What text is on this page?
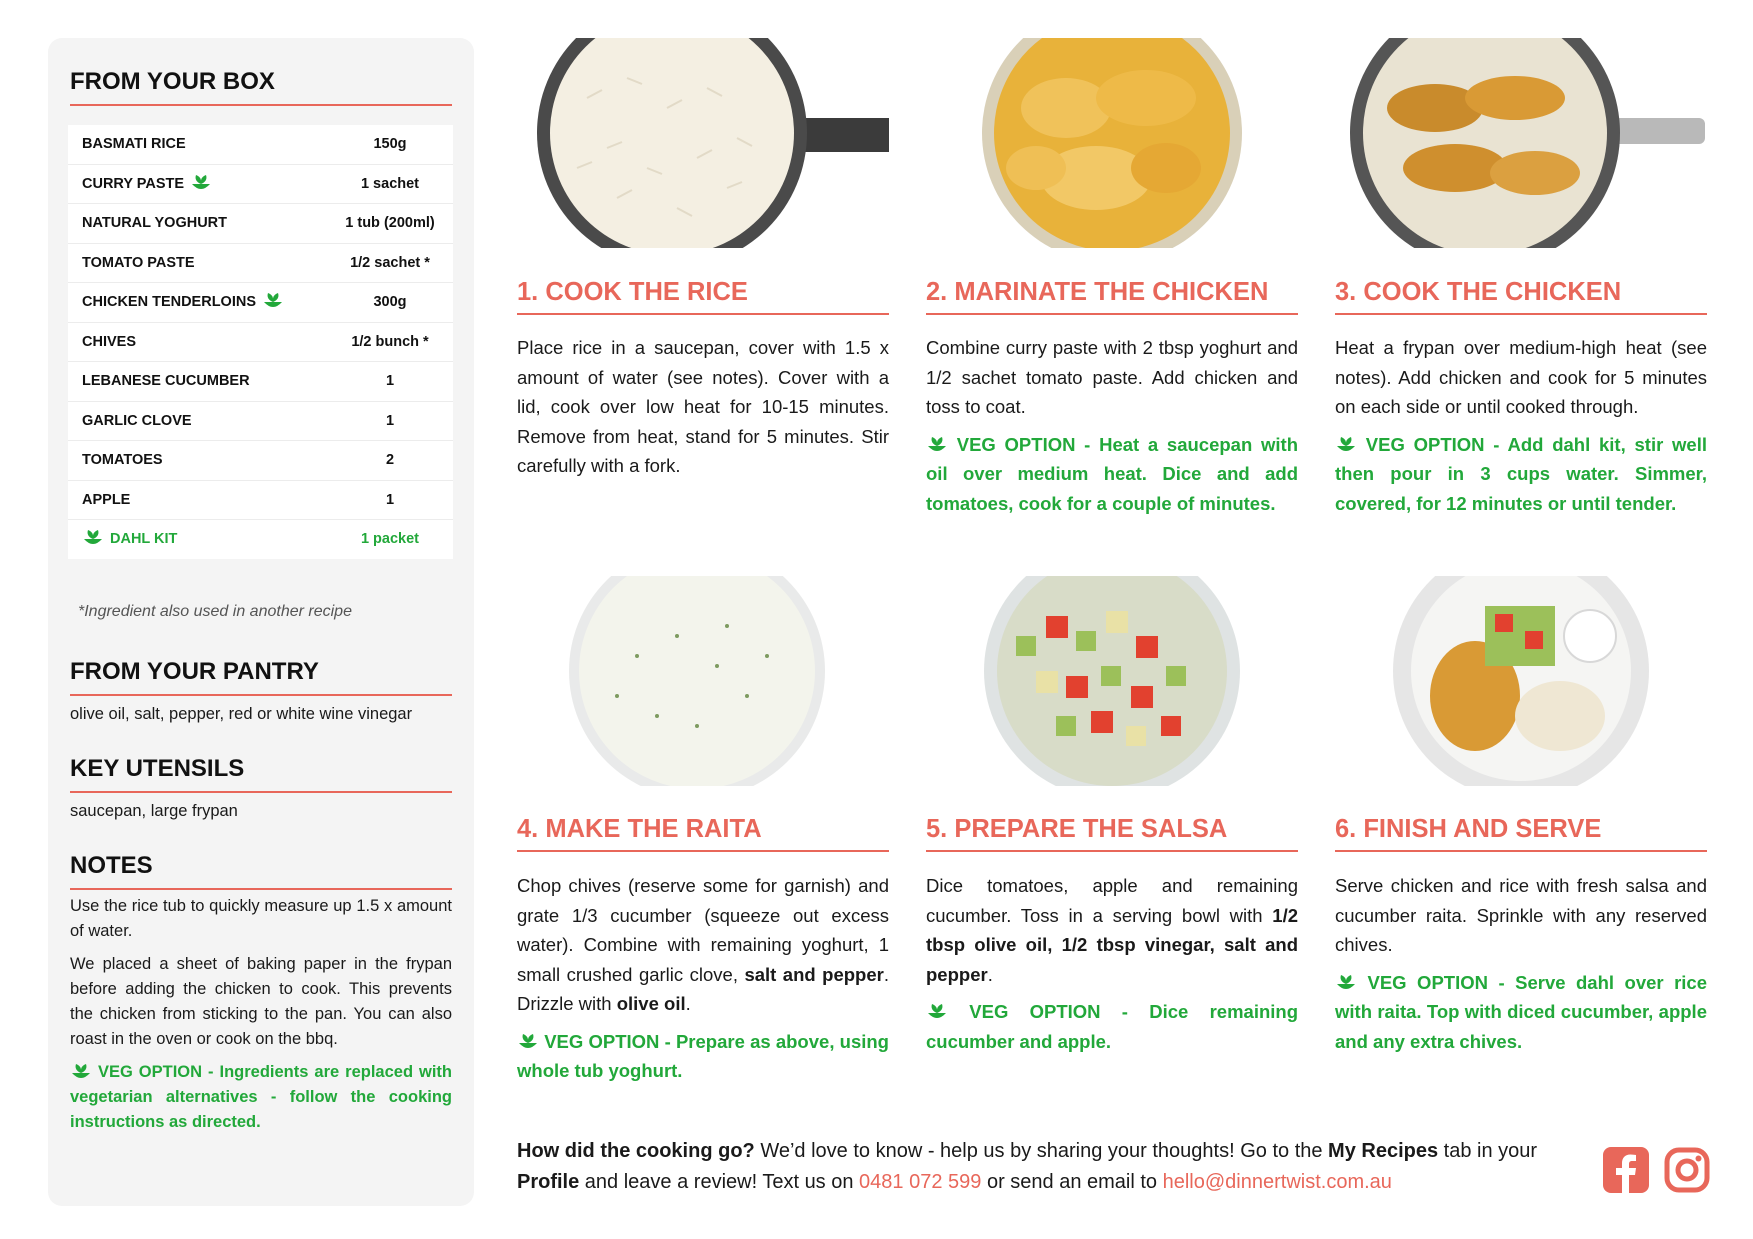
FROM YOUR BOX
BASMATI RICE	150g
CURRY PASTE	1 sachet
NATURAL YOGHURT	1 tub (200ml)
TOMATO PASTE	1/2 sachet *
CHICKEN TENDERLOINS	300g
CHIVES	1/2 bunch *
LEBANESE CUCUMBER	1
GARLIC CLOVE	1
TOMATOES	2
APPLE	1
DAHL KIT	1 packet
*Ingredient also used in another recipe
FROM YOUR PANTRY
olive oil, salt, pepper, red or white wine vinegar
KEY UTENSILS
saucepan, large frypan
NOTES

Use the rice tub to quickly measure up 1.5 x amount of water.

We placed a sheet of baking paper in the frypan before adding the chicken to cook. This prevents the chicken from sticking to the pan. You can also roast in the oven or cook on the bbq.

VEG OPTION - Ingredients are replaced with vegetarian alternatives - follow the cooking instructions as directed.
1. COOK THE RICE	2. MARINATE THE CHICKEN	3. COOK THE CHICKEN
4. MAKE THE RAITA	5. PREPARE THE SALSA	6. FINISH AND SERVE

Place rice in a saucepan, cover with 1.5 x amount of water (see notes). Cover with a lid, cook over low heat for 10-15 minutes. Remove from heat, stand for 5 minutes. Stir carefully with a fork.

Combine curry paste with 2 tbsp yoghurt and 1/2 sachet tomato paste. Add chicken and toss to coat.

VEG OPTION - Heat a saucepan with oil over medium heat. Dice and add tomatoes, cook for a couple of minutes.

Heat a frypan over medium-high heat (see notes). Add chicken and cook for 5 minutes on each side or until cooked through.

VEG OPTION - Add dahl kit, stir well then pour in 3 cups water. Simmer, covered, for 12 minutes or until tender.

Chop chives (reserve some for garnish) and grate 1/3 cucumber (squeeze out excess water). Combine with remaining yoghurt, 1 small crushed garlic clove, salt and pepper. Drizzle with olive oil.

VEG OPTION - Prepare as above, using whole tub yoghurt.

Dice tomatoes, apple and remaining cucumber. Toss in a serving bowl with 1/2 tbsp olive oil, 1/2 tbsp vinegar, salt and pepper.

VEG OPTION - Dice remaining cucumber and apple.

Serve chicken and rice with fresh salsa and cucumber raita. Sprinkle with any reserved chives.

VEG OPTION - Serve dahl over rice with raita. Top with diced cucumber, apple and any extra chives.
How did the cooking go? We’d love to know - help us by sharing your thoughts! Go to the My Recipes tab in your Profile and leave a review! Text us on 0481 072 599 or send an email to hello@dinnertwist.com.au
